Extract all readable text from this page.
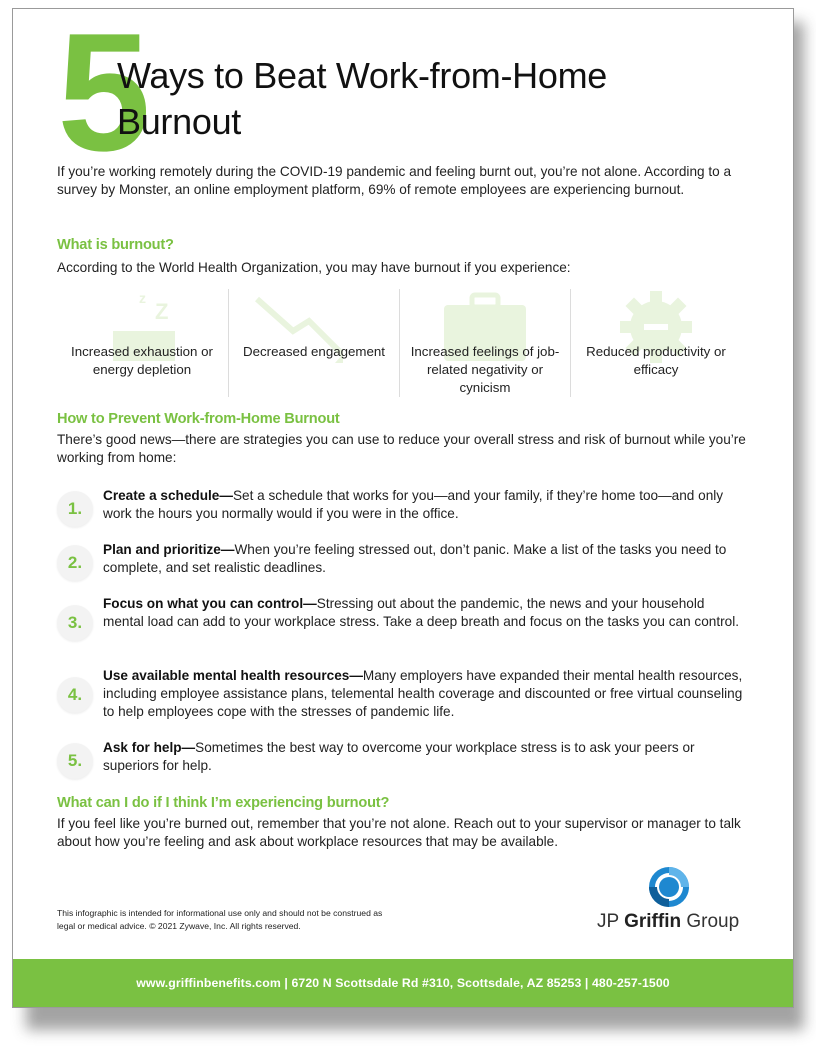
5
Ways to Beat Work-from-Home
Burnout

If you’re working remotely during the COVID-19 pandemic and feeling burnt out, you’re not alone. According to a survey by Monster, an online employment platform, 69% of remote employees are experiencing burnout.

What is burnout?

According to the World Health Organization, you may have burnout if you experience:

z
Z
Increased exhaustion or energy depletion
Decreased engagement	Increased feelings of job-related negativity or cynicism
Reduced productivity or efficacy
How to Prevent Work-from-Home Burnout

There’s good news—there are strategies you can use to reduce your overall stress and risk of burnout while you’re working from home:

1.
Create a schedule—Set a schedule that works for you—and your family, if they’re home too—and only work the hours you normally would if you were in the office.
2.
Plan and prioritize—When you’re feeling stressed out, don’t panic. Make a list of the tasks you need to complete, and set realistic deadlines.
3.
Focus on what you can control—Stressing out about the pandemic, the news and your household mental load can add to your workplace stress. Take a deep breath and focus on the tasks you can control.
4.
Use available mental health resources—Many employers have expanded their mental health resources, including employee assistance plans, telemental health coverage and discounted or free virtual counseling to help employees cope with the stresses of pandemic life.
5.
Ask for help—Sometimes the best way to overcome your workplace stress is to ask your peers or superiors for help.
What can I do if I think I’m experiencing burnout?

If you feel like you’re burned out, remember that you’re not alone. Reach out to your supervisor or manager to talk about how you’re feeling and ask about workplace resources that may be available.

This infographic is intended for informational use only and should not be construed as legal or medical advice. © 2021 Zywave, Inc. All rights reserved.	JP Griffin Group
www.griffinbenefits.com | 6720 N Scottsdale Rd #310, Scottsdale, AZ 85253 | 480-257-1500
